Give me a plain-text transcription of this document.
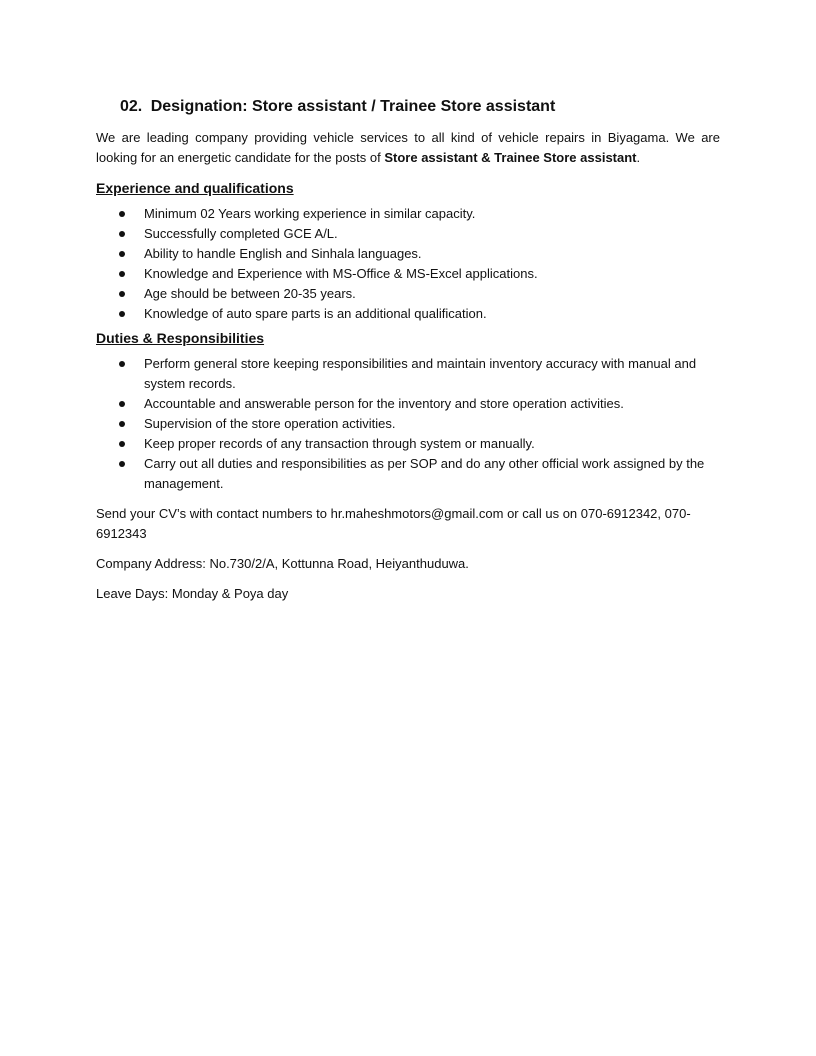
02. Designation: Store assistant / Trainee Store assistant

We are leading company providing vehicle services to all kind of vehicle repairs in Biyagama. We are looking for an energetic candidate for the posts of Store assistant & Trainee Store assistant.

Experience and qualifications
Minimum 02 Years working experience in similar capacity.
Successfully completed GCE A/L.
Ability to handle English and Sinhala languages.
Knowledge and Experience with MS-Office & MS-Excel applications.
Age should be between 20-35 years.
Knowledge of auto spare parts is an additional qualification.
Duties & Responsibilities
Perform general store keeping responsibilities and maintain inventory accuracy with manual and system records.
Accountable and answerable person for the inventory and store operation activities.
Supervision of the store operation activities.
Keep proper records of any transaction through system or manually.
Carry out all duties and responsibilities as per SOP and do any other official work assigned by the management.

Send your CV’s with contact numbers to hr.maheshmotors@gmail.com or call us on 070-6912342, 070-6912343

Company Address: No.730/2/A, Kottunna Road, Heiyanthuduwa.

Leave Days: Monday & Poya day
